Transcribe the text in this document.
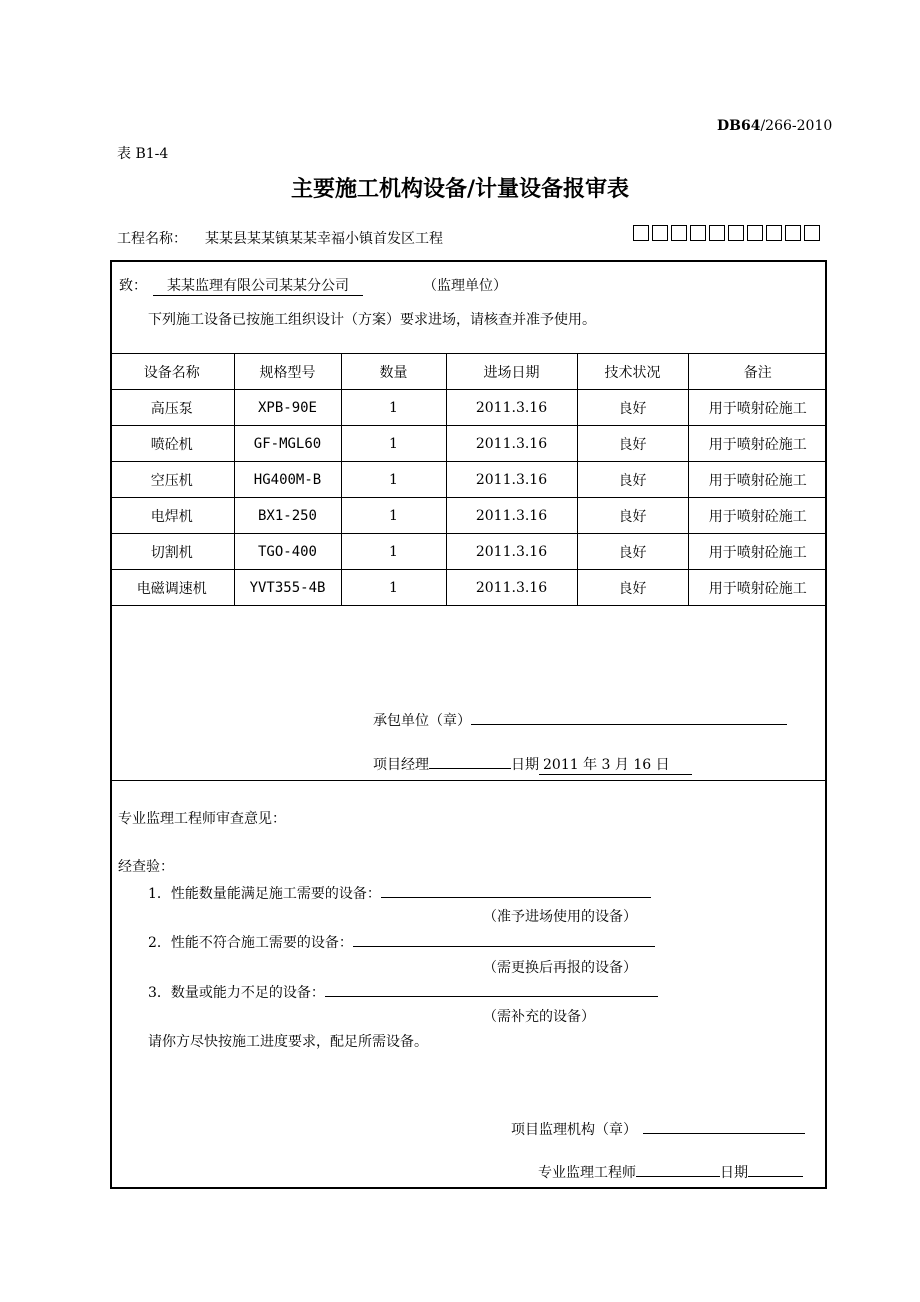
DB64/266-2010
表 B1-4
主要施工机构设备/计量设备报审表
工程名称： 某某县某某镇某某幸福小镇首发区工程
致： 某某监理有限公司某某分公司	（监理单位）
下列施工设备已按施工组织设计（方案）要求进场，请核查并准予使用。
设备名称	规格型号	数量	进场日期	技术状况	备注
高压泵	XPB-90E	1	2011.3.16	良好	用于喷射砼施工
喷砼机	GF-MGL60	1	2011.3.16	良好	用于喷射砼施工
空压机	HG400M-B	1	2011.3.16	良好	用于喷射砼施工
电焊机	BX1-250	1	2011.3.16	良好	用于喷射砼施工
切割机	TGO-400	1	2011.3.16	良好	用于喷射砼施工
电磁调速机	YVT355-4B	1	2011.3.16	良好	用于喷射砼施工
承包单位（章）
项目经理	日期 2011 年 3 月 16 日
专业监理工程师审查意见：
经查验：
1．性能数量能满足施工需要的设备：
（准予进场使用的设备）
2．性能不符合施工需要的设备：
（需更换后再报的设备）
3．数量或能力不足的设备：
（需补充的设备）
请你方尽快按施工进度要求，配足所需设备。
项目监理机构（章）
专业监理工程师	日期
